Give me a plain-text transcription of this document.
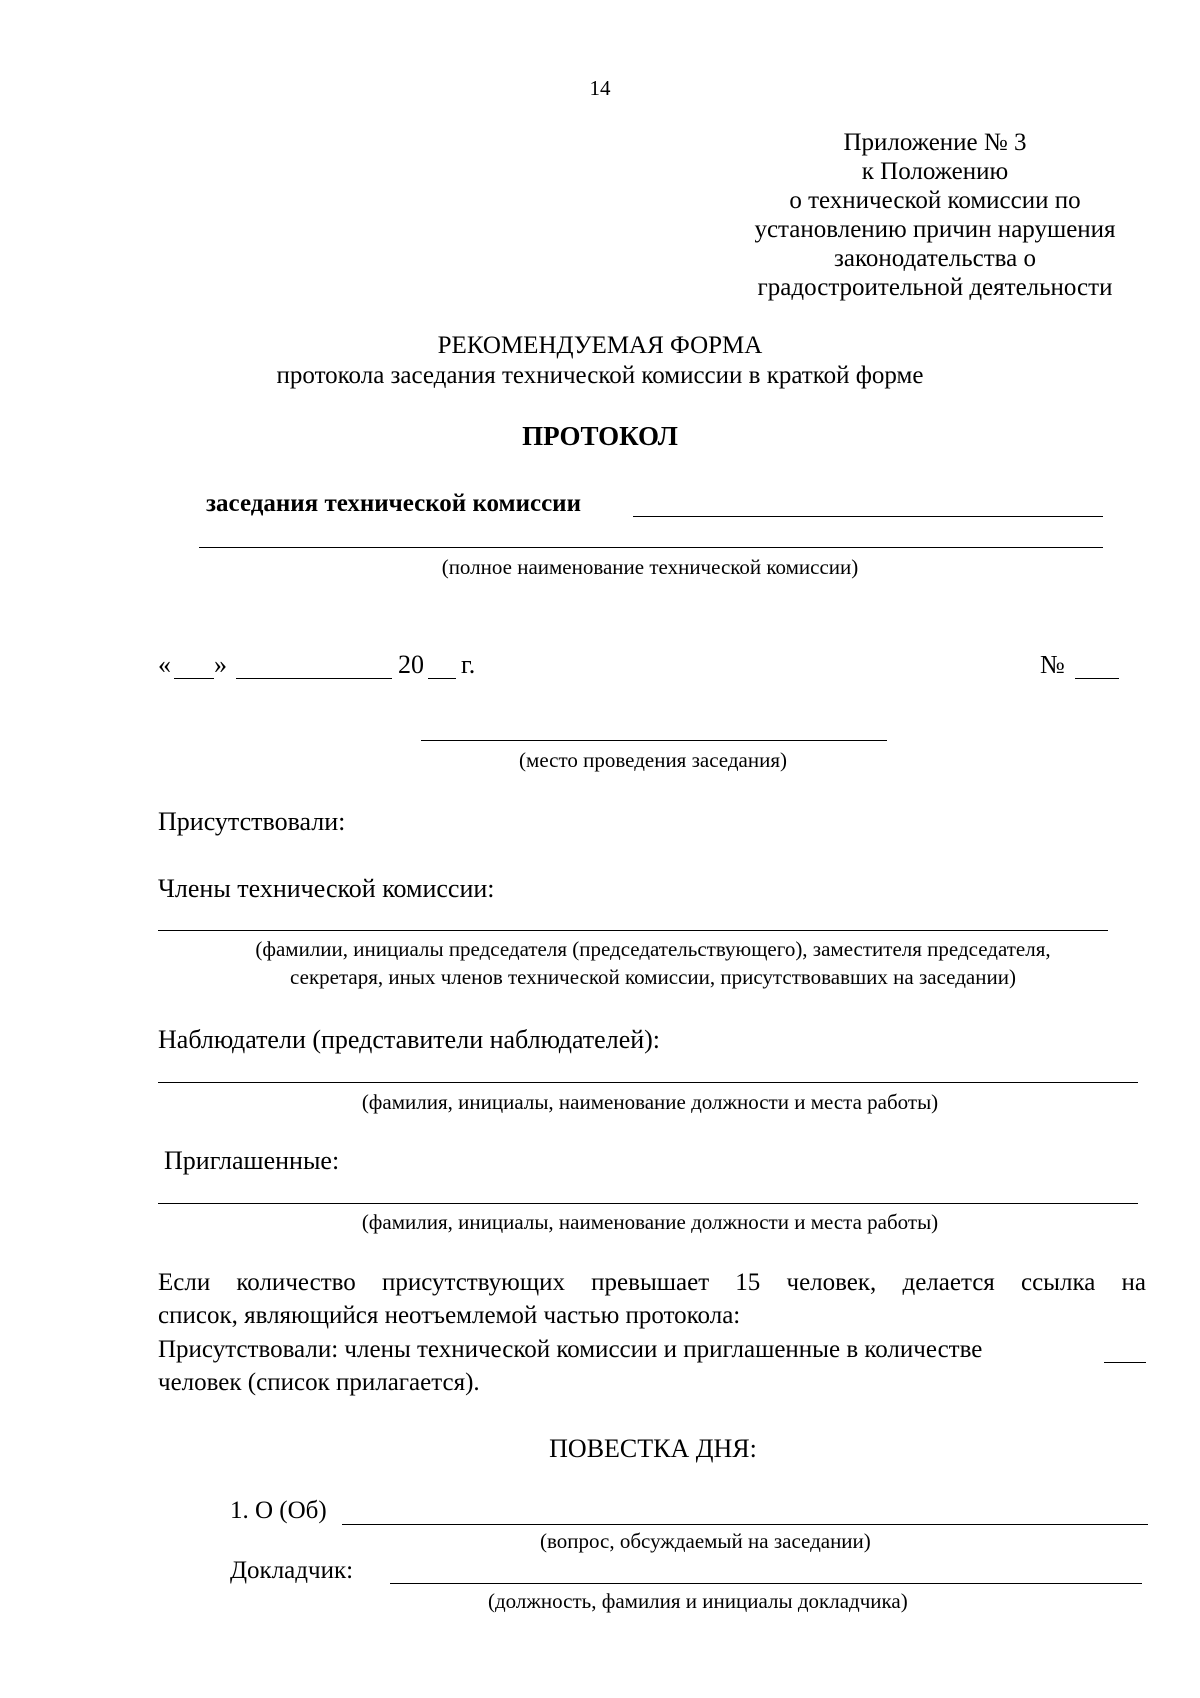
14
Приложение № 3
к Положению
о технической комиссии по
установлению причин нарушения
законодательства о
градостроительной деятельности
РЕКОМЕНДУЕМАЯ ФОРМА
протокола заседания технической комиссии в краткой форме
ПРОТОКОЛ
заседания технической комиссии
(полное наименование технической комиссии)
« »	20 г.	№
(место проведения заседания)
Присутствовали:
Члены технической комиссии:
(фамилии, инициалы председателя (председательствующего), заместителя председателя,
секретаря, иных членов технической комиссии, присутствовавших на заседании)
Наблюдатели (представители наблюдателей):
(фамилия, инициалы, наименование должности и места работы)
Приглашенные:
(фамилия, инициалы, наименование должности и места работы)
Если количество присутствующих превышает 15 человек, делается ссылка на
список, являющийся неотъемлемой частью протокола:
Присутствовали: члены технической комиссии и приглашенные в количестве
человек (список прилагается).
ПОВЕСТКА ДНЯ:
1. О (Об)
(вопрос, обсуждаемый на заседании)
Докладчик:
(должность, фамилия и инициалы докладчика)
